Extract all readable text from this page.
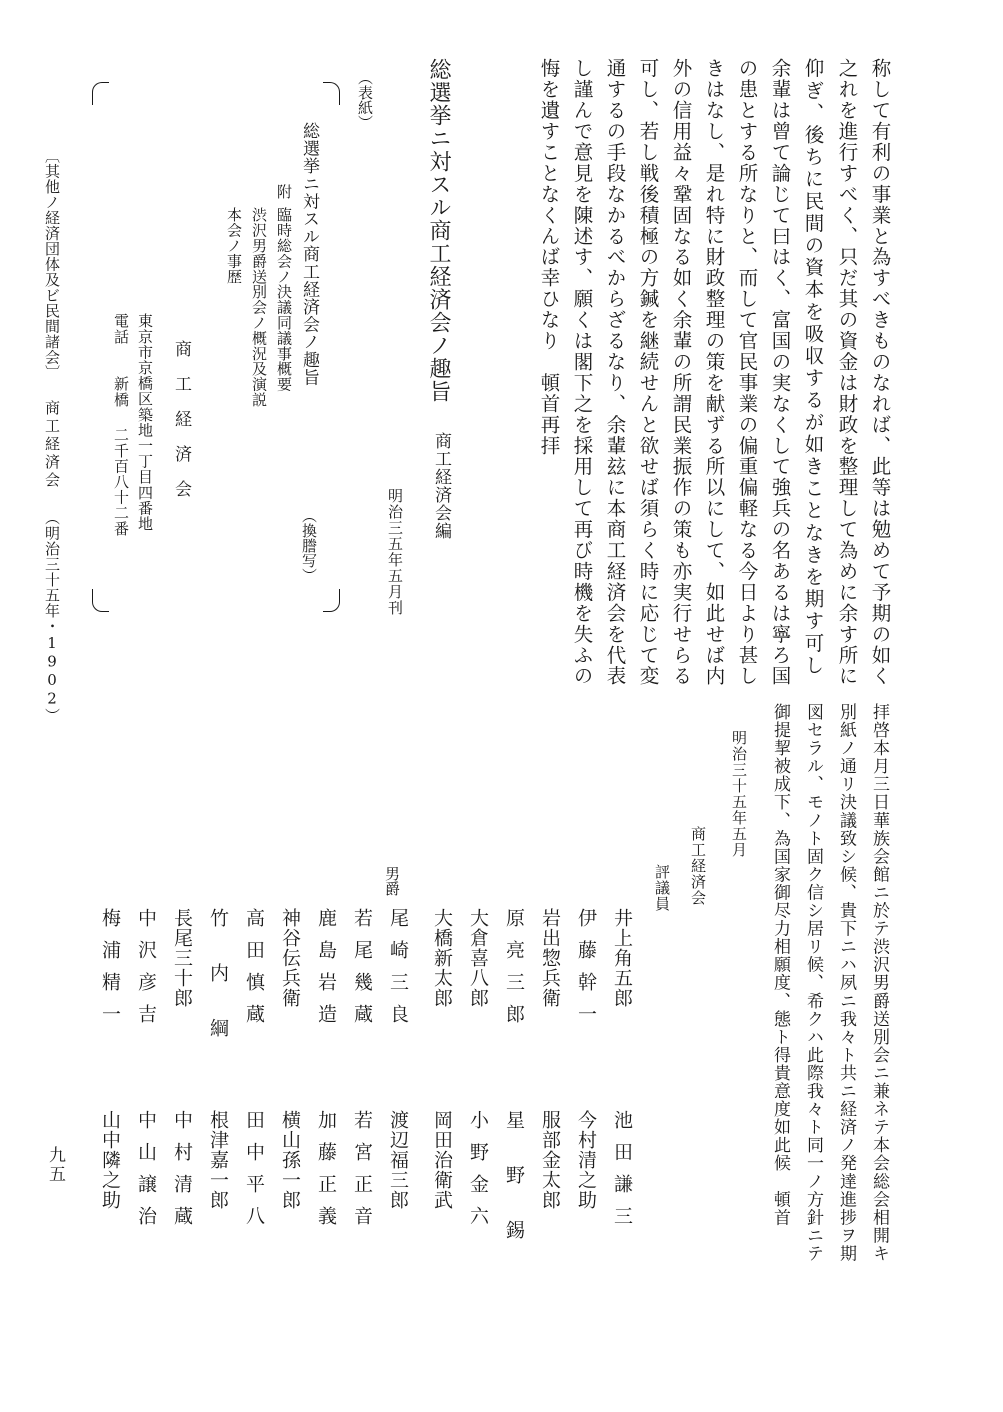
称して有利の事業と為すべきものなれば、此等は勉めて予期の如く
之れを進行すべく、只だ其の資金は財政を整理して為めに余す所に
仰ぎ、後ちに民間の資本を吸収するが如きことなきを期す可し
余輩は曾て論じて曰はく、富国の実なくして強兵の名あるは寧ろ国
の患とする所なりと、而して官民事業の偏重偏軽なる今日より甚し
きはなし、是れ特に財政整理の策を献ずる所以にして、如此せば内
外の信用益々鞏固なる如く余輩の所謂民業振作の策も亦実行せらる
可し、若し戦後積極の方鍼を継続せんと欲せば須らく時に応じて変
通するの手段なかるべからざるなり、余輩玆に本商工経済会を代表
し謹んで意見を陳述す、願くは閣下之を採用して再び時機を失ふの
悔を遺すことなくんば幸ひなり　頓首再拝
総選挙ニ対スル商工経済会ノ趣旨
商工経済会編
明治三五年五月刊
（表紙）
総選挙ニ対スル商工経済会ノ趣旨
（換謄写）
附
臨時総会ノ決議同議事概要
渋沢男爵送別会ノ概況及演説
本会ノ事歴
商工経済会
東京市京橋区築地一丁目四番地
電話
新橋
二千百八十二番
〔其他ノ経済団体及ビ民間諸会〕
商工経済会
（明治三十五年・1902）
拝啓本月三日華族会館ニ於テ渋沢男爵送別会ニ兼ネテ本会総会相開キ
別紙ノ通リ決議致シ候、貴下ニハ夙ニ我々ト共ニ経済ノ発達進捗ヲ期
図セラル、モノト固ク信シ居リ候、希クハ此際我々ト同一ノ方針ニテ
御提挈被成下、為国家御尽力相願度、態ト得貴意度如此候　頓首
明治三十五年五月
商工経済会
評議員
男爵
井上角五郎
伊藤幹一
岩出惣兵衛
原亮三郎
大倉喜八郎
大橋新太郎
尾崎三良
若尾幾蔵
鹿島岩造
神谷伝兵衛
高田慎蔵
竹内綱
長尾三十郎
中沢彦吉
梅浦精一
池田謙三
今村清之助
服部金太郎
星野錫
小野金六
岡田治衛武
渡辺福三郎
若宮正音
加藤正義
横山孫一郎
田中平八
根津嘉一郎
中村清蔵
中山譲治
山中隣之助
九五
